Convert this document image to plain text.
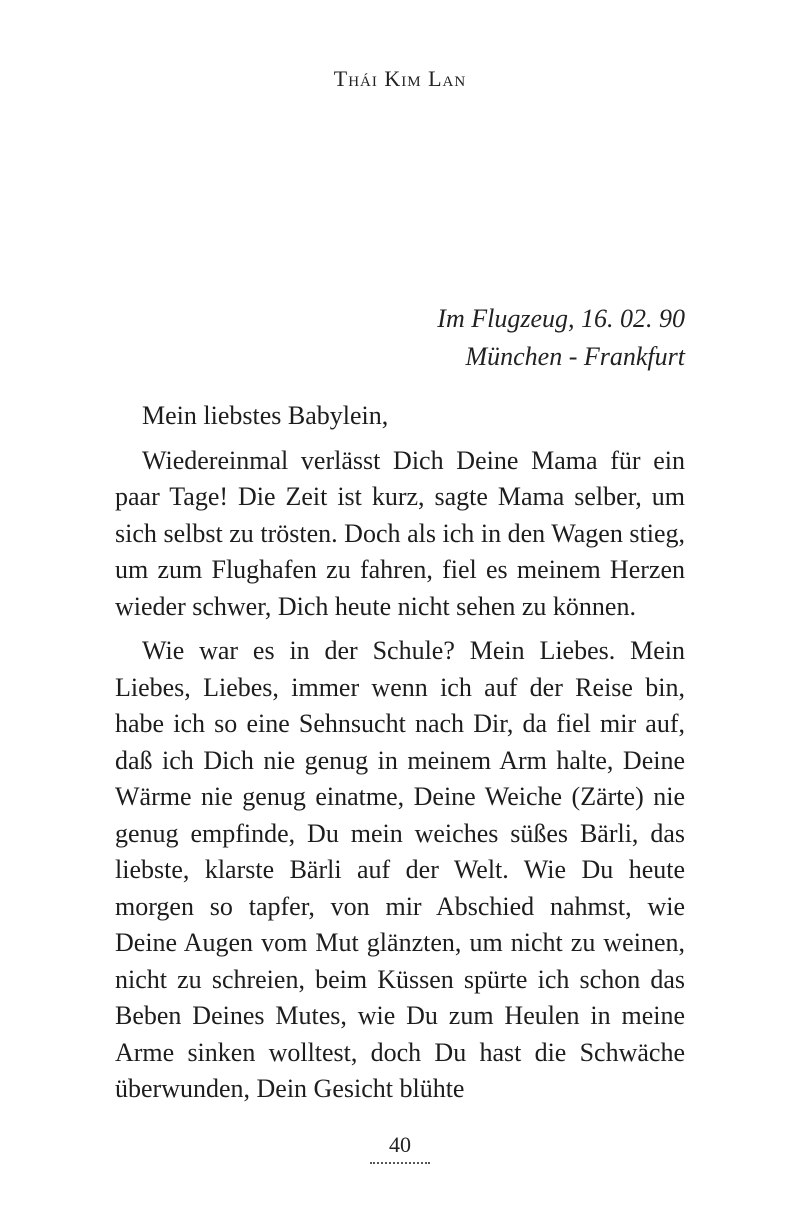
Thái Kim Lan
Im Flugzeug, 16. 02. 90
München - Frankfurt

Mein liebstes Babylein,

Wiedereinmal verlässt Dich Deine Mama für ein paar Tage! Die Zeit ist kurz, sagte Mama selber, um sich selbst zu trösten. Doch als ich in den Wagen stieg, um zum Flughafen zu fahren, fiel es meinem Herzen wieder schwer, Dich heute nicht sehen zu können.

Wie war es in der Schule? Mein Liebes. Mein Liebes, Liebes, immer wenn ich auf der Reise bin, habe ich so eine Sehnsucht nach Dir, da fiel mir auf, daß ich Dich nie genug in meinem Arm halte, Deine Wärme nie genug einatme, Deine Weiche (Zärte) nie genug empfinde, Du mein weiches süßes Bärli, das liebste, klarste Bärli auf der Welt. Wie Du heute morgen so tapfer, von mir Abschied nahmst, wie Deine Augen vom Mut glänzten, um nicht zu weinen, nicht zu schreien, beim Küssen spürte ich schon das Beben Deines Mutes, wie Du zum Heulen in meine Arme sinken wolltest, doch Du hast die Schwäche überwunden, Dein Gesicht blühte

40
